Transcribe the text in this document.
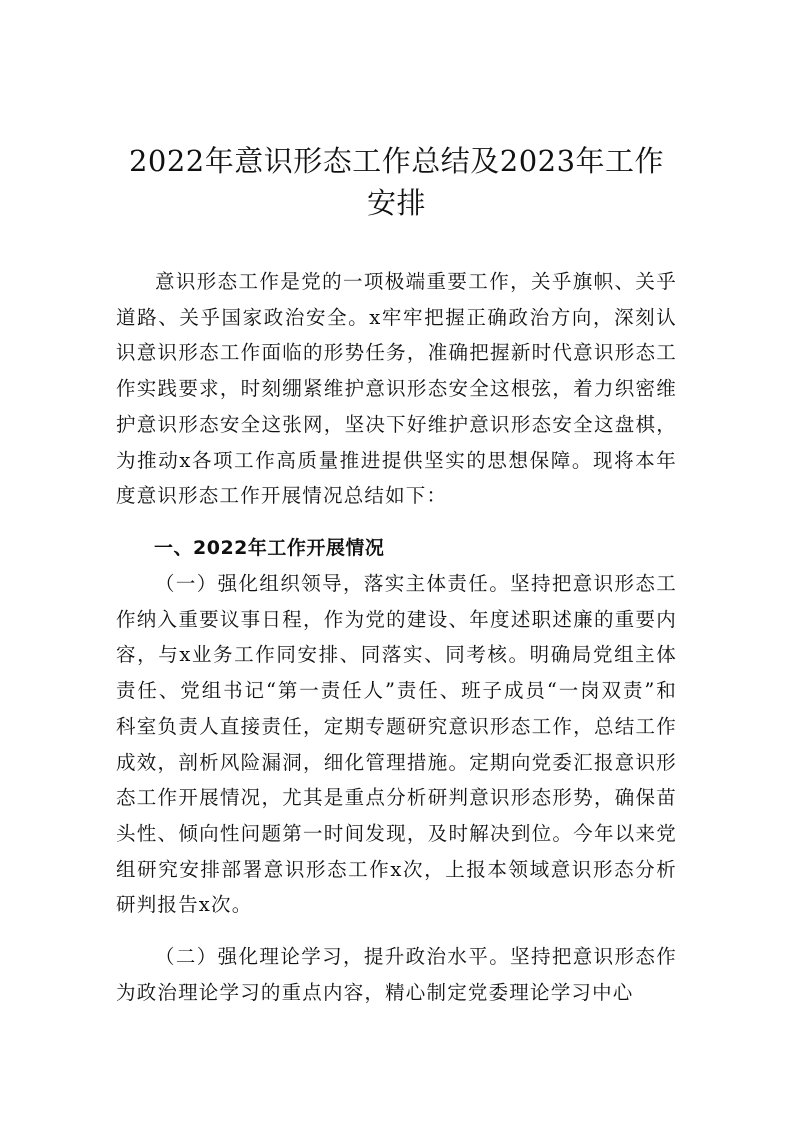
2022年意识形态工作总结及2023年工作安排

意识形态工作是党的一项极端重要工作，关乎旗帜、关乎道路、关乎国家政治安全。x牢牢把握正确政治方向，深刻认识意识形态工作面临的形势任务，准确把握新时代意识形态工作实践要求，时刻绷紧维护意识形态安全这根弦，着力织密维护意识形态安全这张网，坚决下好维护意识形态安全这盘棋，为推动x各项工作高质量推进提供坚实的思想保障。现将本年度意识形态工作开展情况总结如下：

一、2022年工作开展情况

（一）强化组织领导，落实主体责任。坚持把意识形态工作纳入重要议事日程，作为党的建设、年度述职述廉的重要内容，与x业务工作同安排、同落实、同考核。明确局党组主体责任、党组书记“第一责任人”责任、班子成员“一岗双责”和科室负责人直接责任，定期专题研究意识形态工作，总结工作成效，剖析风险漏洞，细化管理措施。定期向党委汇报意识形态工作开展情况，尤其是重点分析研判意识形态形势，确保苗头性、倾向性问题第一时间发现，及时解决到位。今年以来党组研究安排部署意识形态工作x次，上报本领域意识形态分析研判报告x次。

（二）强化理论学习，提升政治水平。坚持把意识形态作为政治理论学习的重点内容，精心制定党委理论学习中心
